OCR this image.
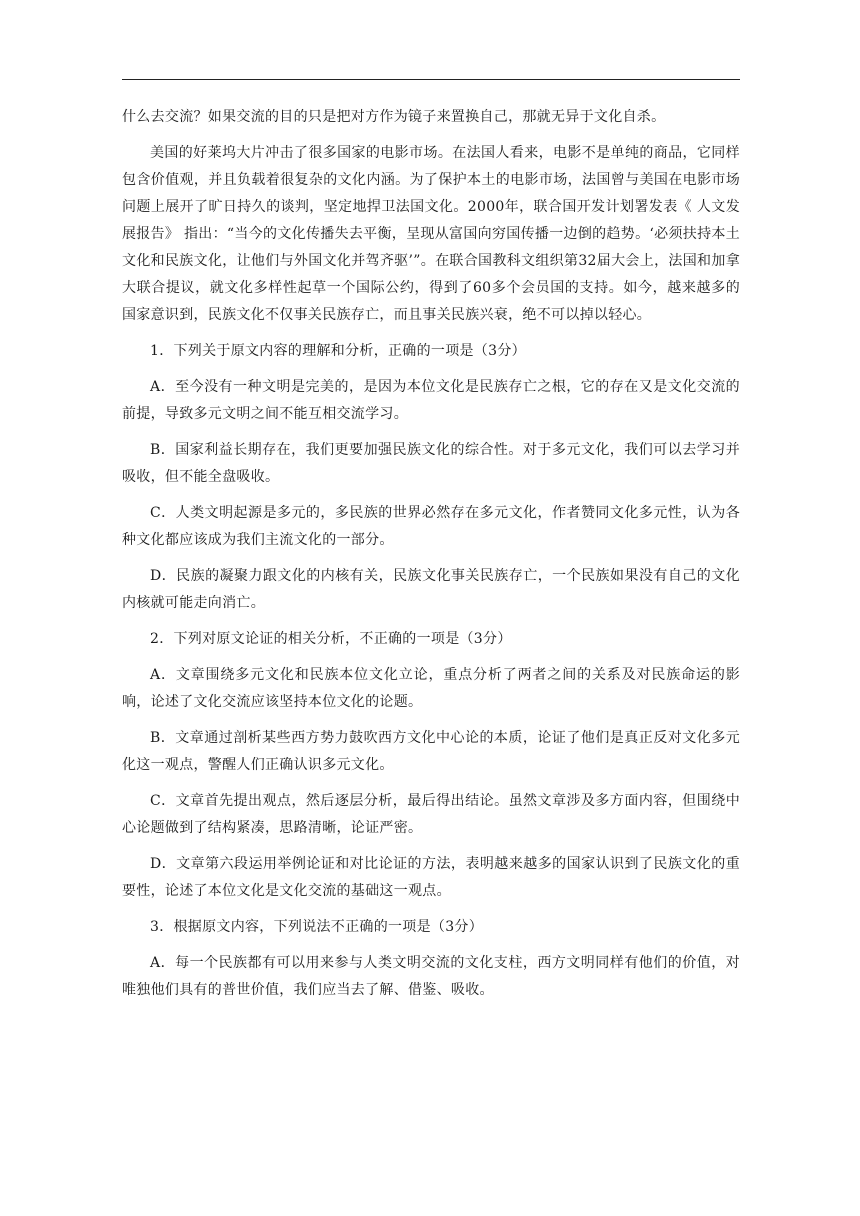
什么去交流？如果交流的目的只是把对方作为镜子来置换自己，那就无异于文化自杀。

美国的好莱坞大片冲击了很多国家的电影市场。在法国人看来，电影不是单纯的商品，它同样包含价值观，并且负载着很复杂的文化内涵。为了保护本土的电影市场，法国曾与美国在电影市场问题上展开了旷日持久的谈判，坚定地捍卫法国文化。2000年，联合国开发计划署发表《 人文发展报告》 指出：“当今的文化传播失去平衡，呈现从富国向穷国传播一边倒的趋势。‘必须扶持本土文化和民族文化，让他们与外国文化并驾齐驱’”。在联合国教科文组织第32届大会上，法国和加拿大联合提议，就文化多样性起草一个国际公约，得到了60多个会员国的支持。如今，越来越多的国家意识到，民族文化不仅事关民族存亡，而且事关民族兴衰，绝不可以掉以轻心。

1．下列关于原文内容的理解和分析，正确的一项是（3分）

A．至今没有一种文明是完美的，是因为本位文化是民族存亡之根，它的存在又是文化交流的前提，导致多元文明之间不能互相交流学习。

B．国家利益长期存在，我们更要加强民族文化的综合性。对于多元文化，我们可以去学习并吸收，但不能全盘吸收。

C．人类文明起源是多元的，多民族的世界必然存在多元文化，作者赞同文化多元性，认为各种文化都应该成为我们主流文化的一部分。

D．民族的凝聚力跟文化的内核有关，民族文化事关民族存亡，一个民族如果没有自己的文化内核就可能走向消亡。

2．下列对原文论证的相关分析，不正确的一项是（3分）

A．文章围绕多元文化和民族本位文化立论，重点分析了两者之间的关系及对民族命运的影响，论述了文化交流应该坚持本位文化的论题。

B．文章通过剖析某些西方势力鼓吹西方文化中心论的本质，论证了他们是真正反对文化多元化这一观点，警醒人们正确认识多元文化。

C．文章首先提出观点，然后逐层分析，最后得出结论。虽然文章涉及多方面内容，但围绕中心论题做到了结构紧凑，思路清晰，论证严密。

D．文章第六段运用举例论证和对比论证的方法，表明越来越多的国家认识到了民族文化的重要性，论述了本位文化是文化交流的基础这一观点。

3．根据原文内容，下列说法不正确的一项是（3分）

A．每一个民族都有可以用来参与人类文明交流的文化支柱，西方文明同样有他们的价值，对唯独他们具有的普世价值，我们应当去了解、借鉴、吸收。
